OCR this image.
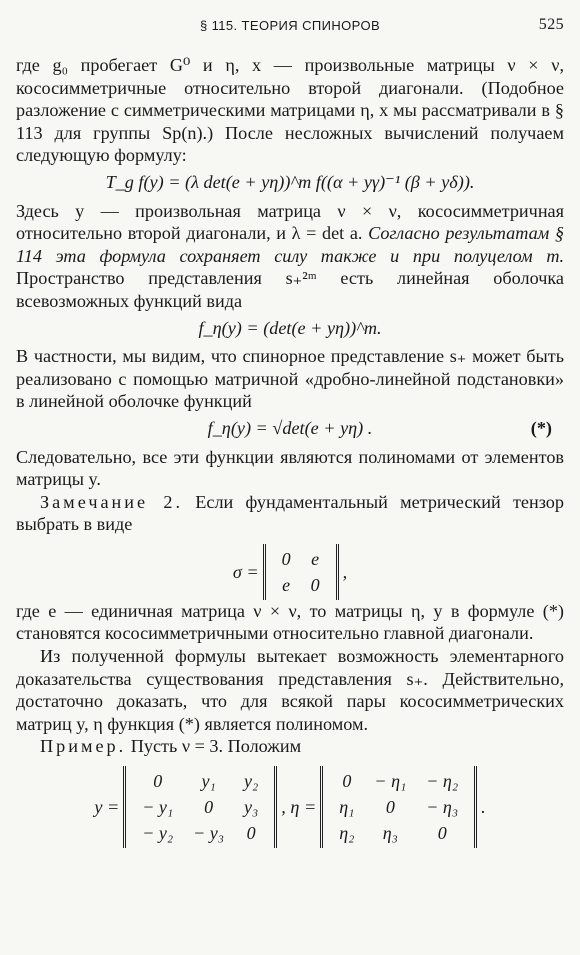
§ 115. ТЕОРИЯ СПИНОРОВ	525

где g₀ пробегает G⁰ и η, x — произвольные матрицы ν × ν, кососимметричные относительно второй диагонали. (Подобное разложение с симметрическими матрицами η, x мы рассматривали в § 113 для группы Sp(n).) После несложных вычислений получаем следующую формулу:

T_g f(y) = (λ det(e + yη))^m f((α + yγ)⁻¹ (β + yδ)).

Здесь y — произвольная матрица ν × ν, кососимметричная относительно второй диагонали, и λ = det a. Согласно результатам § 114 эта формула сохраняет силу также и при полуцелом m. Пространство представления s₊²ᵐ есть линейная оболочка всевозможных функций вида

f_η(y) = (det(e + yη))^m.

В частности, мы видим, что спинорное представление s₊ может быть реализовано с помощью матричной «дробно-линейной подстановки» в линейной оболочке функций

f_η(y) = √det(e + yη) .	(*)

Следовательно, все эти функции являются полиномами от элементов матрицы y.

Замечание 2. Если фундаментальный метрический тензор выбрать в виде

σ =
0	e
e	0
,

где e — единичная матрица ν × ν, то матрицы η, y в формуле (*) становятся кососимметричными относительно главной диагонали.

Из полученной формулы вытекает возможность элементарного доказательства существования представления s₊. Действительно, достаточно доказать, что для всякой пары кососимметрических матриц y, η функция (*) является полиномом.

Пример. Пусть ν = 3. Положим

y =
0	y₁	y₂
− y₁	0	y₃
− y₂	− y₃	0
, η =
0	− η₁	− η₂
η₁	0	− η₃
η₂	η₃	0
.
